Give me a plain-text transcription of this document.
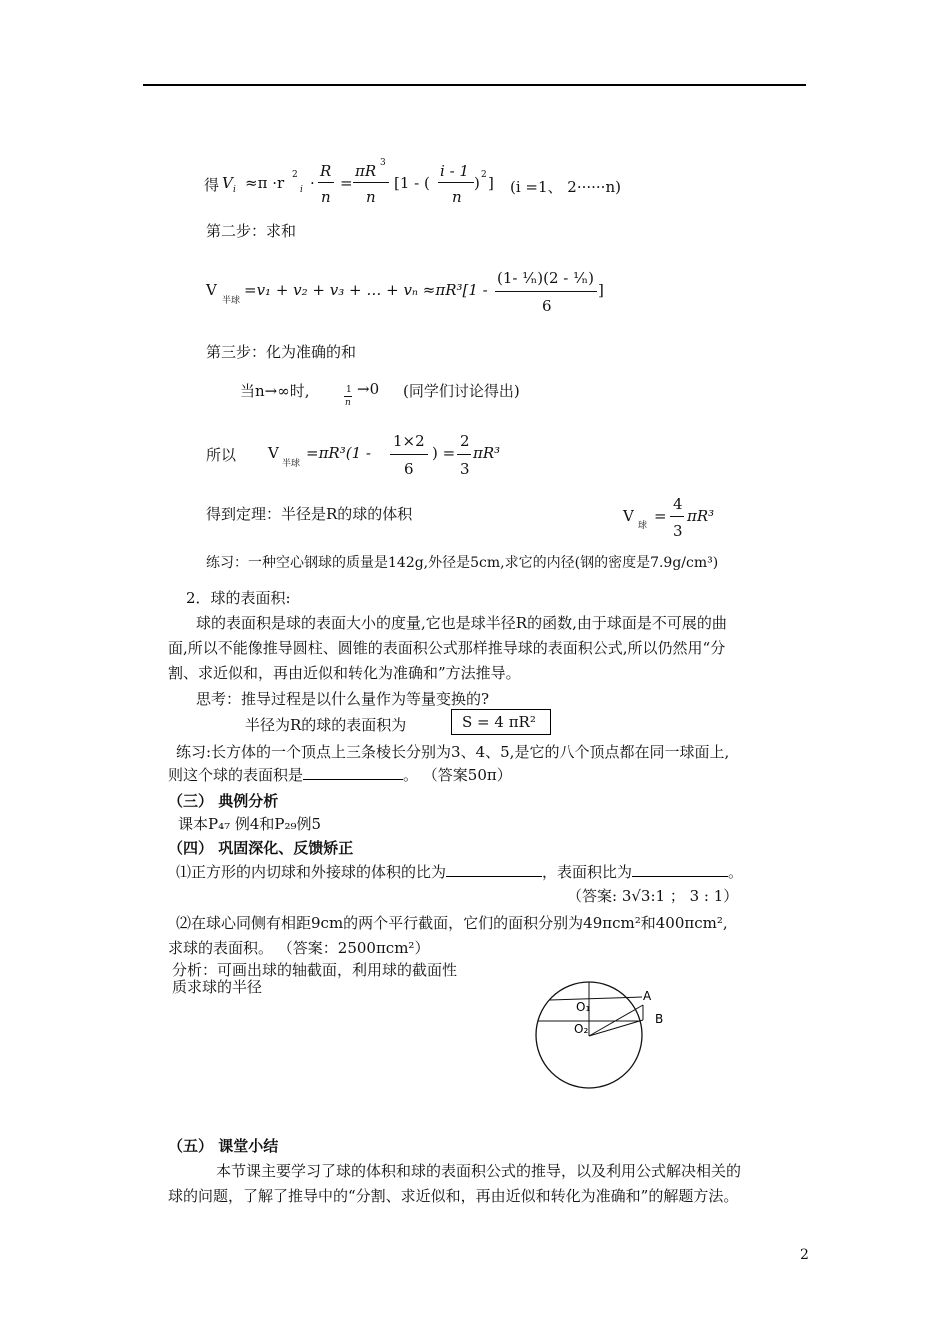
得 V i ≈π ·r 2
i ·
R
n
=
πR 3
n
[1 - (
i - 1
n
) 2 ] (i =1、 2······n)
第二步：求和
V
半球
=v₁ + v₂ + v₃ + … + vₙ ≈πR³[1 -
(1- ¹⁄ₙ)(2 - ¹⁄ₙ)
6
]
第三步：化为准确的和
当n→∞时,	1
n
→0 (同学们讨论得出)
所以 V
半球
=πR³(1 -
1×2
6
) =
2
3
πR³
得到定理：半径是R的球的体积	V
球
=
4
3
πR³
练习：一种空心钢球的质量是142g,外径是5cm,求它的内径(钢的密度是7.9g/cm³)
2．球的表面积:
球的表面积是球的表面大小的度量,它也是球半径R的函数,由于球面是不可展的曲
面,所以不能像推导圆柱、圆锥的表面积公式那样推导球的表面积公式,所以仍然用“分
割、求近似和，再由近似和转化为准确和”方法推导。
思考：推导过程是以什么量作为等量变换的?
半径为R的球的表面积为	S = 4 πR²
练习:长方体的一个顶点上三条棱长分别为3、4、5,是它的八个顶点都在同一球面上,
则这个球的表面积是	。 （答案50π）
（三） 典例分析
课本P₄₇ 例4和P₂₉例5
（四） 巩固深化、反馈矫正
⑴正方形的内切球和外接球的体积的比为	，表面积比为	。
（答案: 3√3:1 ； 3 : 1）
⑵在球心同侧有相距9cm的两个平行截面，它们的面积分别为49πcm²和400πcm²,
求球的表面积。 （答案：2500πcm²）
分析：可画出球的轴截面，利用球的截面性
质求球的半径
O₁
O₂
A
B
（五） 课堂小结
本节课主要学习了球的体积和球的表面积公式的推导，以及利用公式解决相关的
球的问题，了解了推导中的“分割、求近似和，再由近似和转化为准确和”的解题方法。
2
